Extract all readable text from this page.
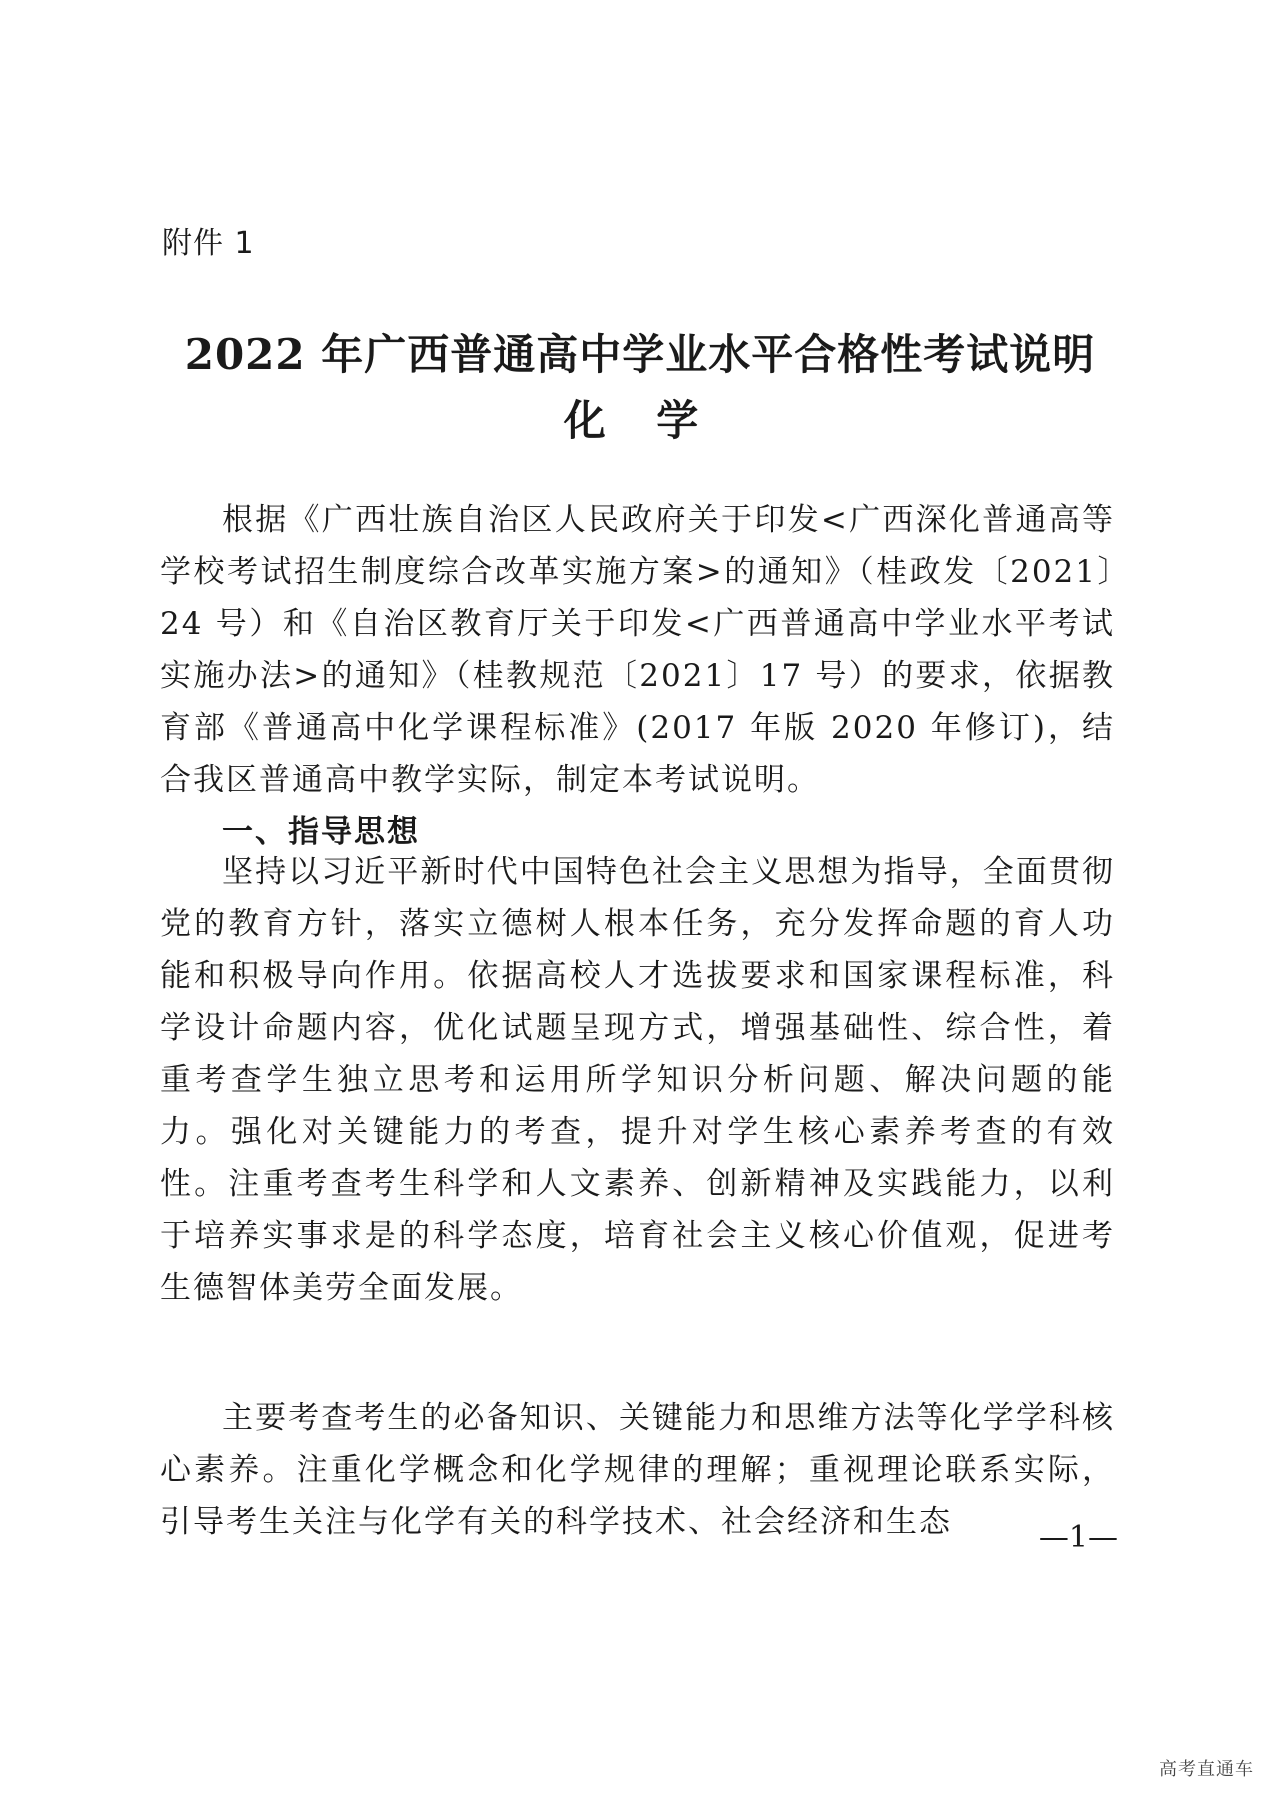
附件 1
2022 年广西普通高中学业水平合格性考试说明
化 学

根据《广西壮族自治区人民政府关于印发<广西深化普通高等学校考试招生制度综合改革实施方案>的通知》（桂政发〔2021〕24 号）和《自治区教育厅关于印发<广西普通高中学业水平考试实施办法>的通知》（桂教规范〔2021〕17 号）的要求，依据教育部《普通高中化学课程标准》(2017 年版 2020 年修订)，结合我区普通高中教学实际，制定本考试说明。

一、指导思想

坚持以习近平新时代中国特色社会主义思想为指导，全面贯彻党的教育方针，落实立德树人根本任务，充分发挥命题的育人功能和积极导向作用。依据高校人才选拔要求和国家课程标准，科学设计命题内容，优化试题呈现方式，增强基础性、综合性，着重考查学生独立思考和运用所学知识分析问题、解决问题的能力。强化对关键能力的考查，提升对学生核心素养考查的有效性。注重考查考生科学和人文素养、创新精神及实践能力，以利于培养实事求是的科学态度，培育社会主义核心价值观，促进考生德智体美劳全面发展。

主要考查考生的必备知识、关键能力和思维方法等化学学科核心素养。注重化学概念和化学规律的理解；重视理论联系实际，引导考生关注与化学有关的科学技术、社会经济和生态	—1—
高考直通车
